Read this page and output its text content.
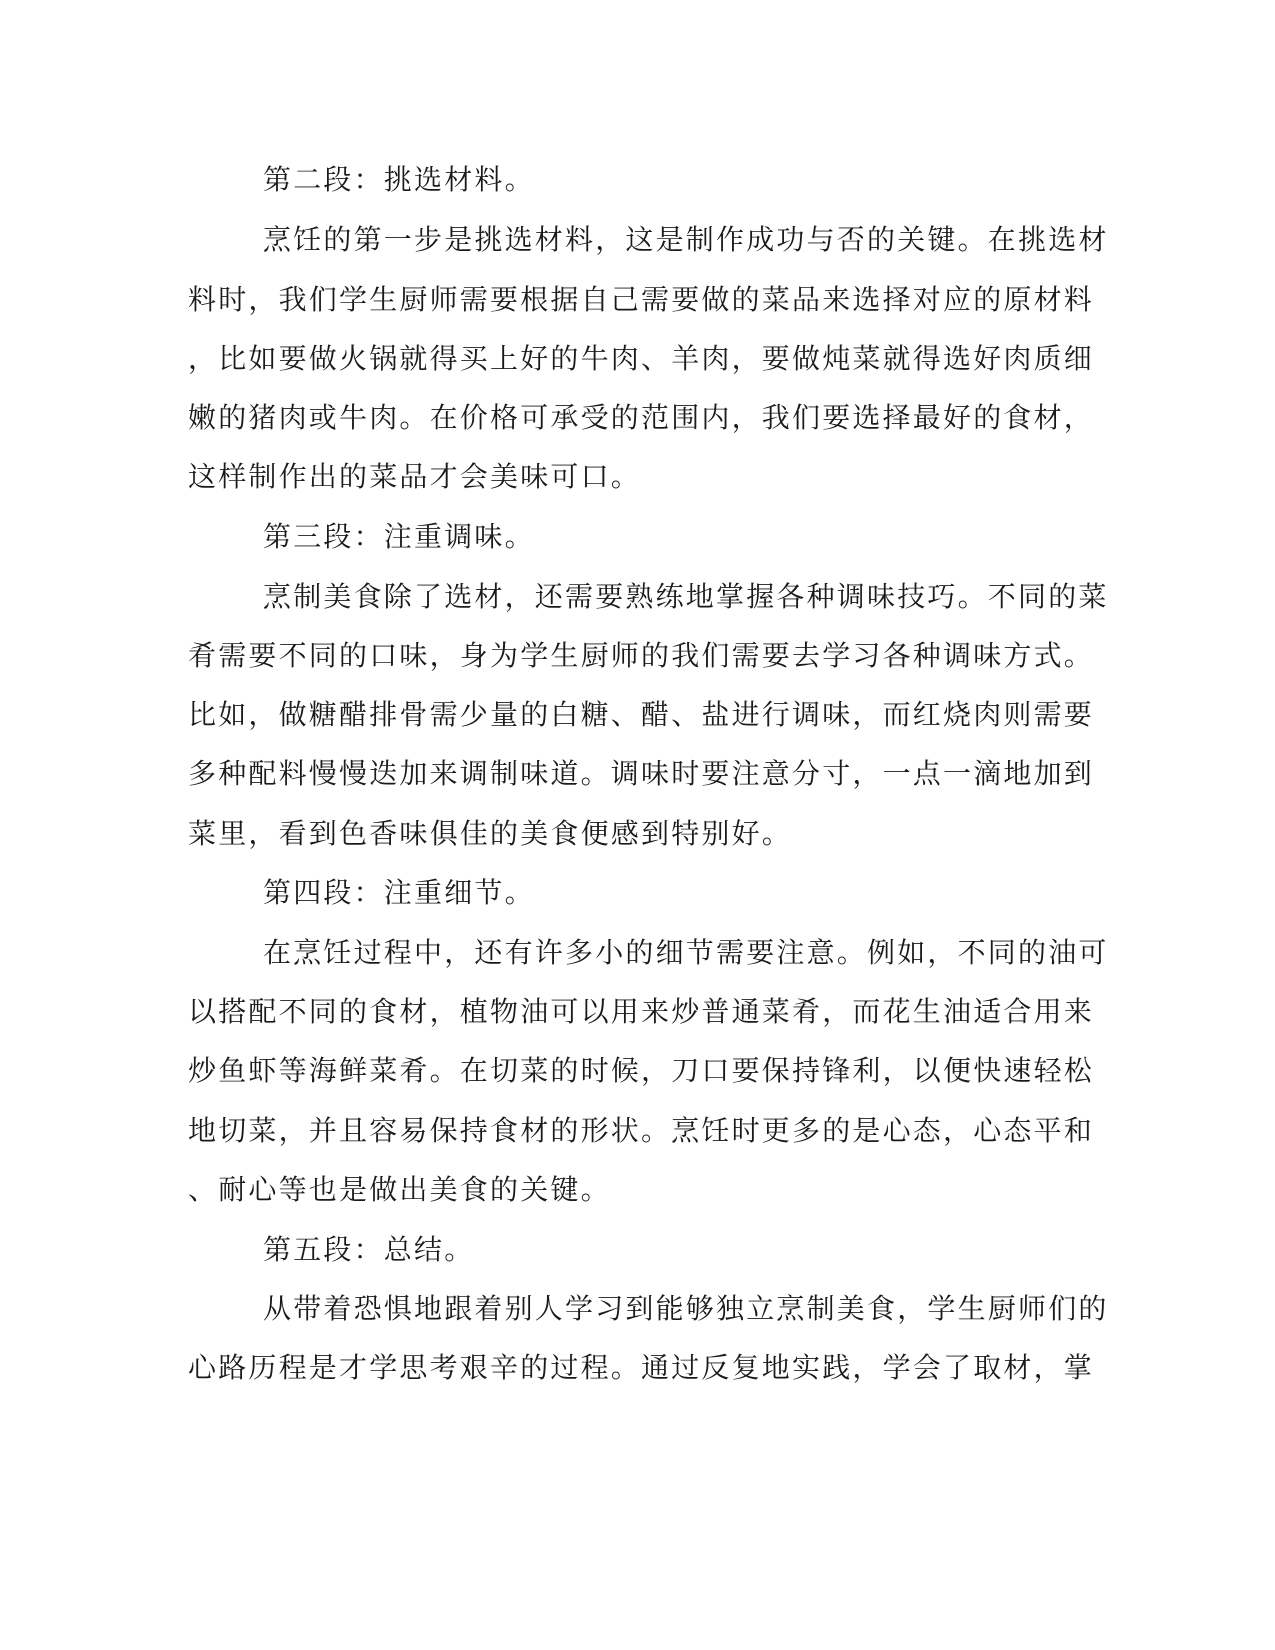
第二段：挑选材料。
烹饪的第一步是挑选材料，这是制作成功与否的关键。在挑选材
料时，我们学生厨师需要根据自己需要做的菜品来选择对应的原材料
，比如要做火锅就得买上好的牛肉、羊肉，要做炖菜就得选好肉质细
嫩的猪肉或牛肉。在价格可承受的范围内，我们要选择最好的食材，
这样制作出的菜品才会美味可口。
第三段：注重调味。
烹制美食除了选材，还需要熟练地掌握各种调味技巧。不同的菜
肴需要不同的口味，身为学生厨师的我们需要去学习各种调味方式。
比如，做糖醋排骨需少量的白糖、醋、盐进行调味，而红烧肉则需要
多种配料慢慢迭加来调制味道。调味时要注意分寸，一点一滴地加到
菜里，看到色香味俱佳的美食便感到特别好。
第四段：注重细节。
在烹饪过程中，还有许多小的细节需要注意。例如，不同的油可
以搭配不同的食材，植物油可以用来炒普通菜肴，而花生油适合用来
炒鱼虾等海鲜菜肴。在切菜的时候，刀口要保持锋利，以便快速轻松
地切菜，并且容易保持食材的形状。烹饪时更多的是心态，心态平和
、耐心等也是做出美食的关键。
第五段：总结。
从带着恐惧地跟着别人学习到能够独立烹制美食，学生厨师们的
心路历程是才学思考艰辛的过程。通过反复地实践，学会了取材，掌
